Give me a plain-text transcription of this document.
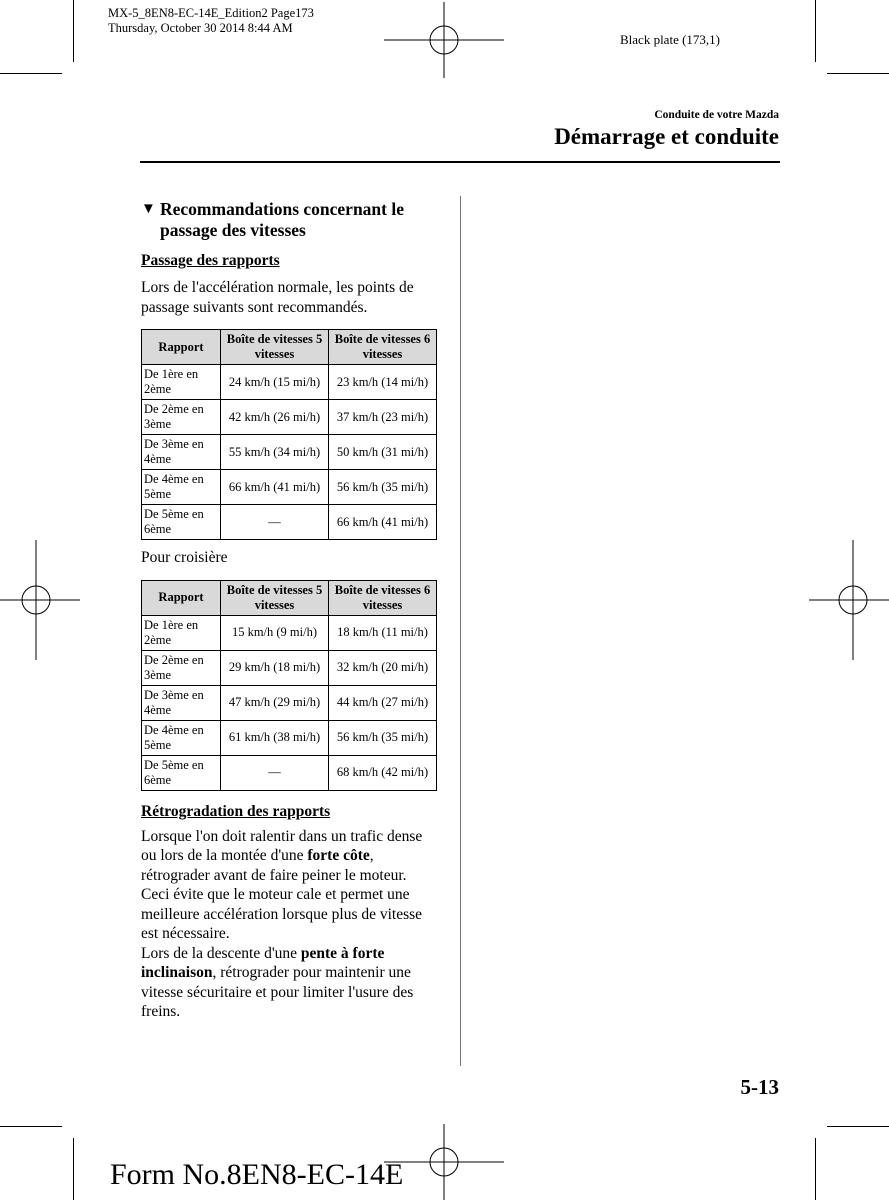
MX-5_8EN8-EC-14E_Edition2 Page173
Thursday, October 30 2014 8:44 AM
Black plate (173,1)
Conduite de votre Mazda
Démarrage et conduite
▼ Recommandations concernant le passage des vitesses
Passage des rapports
Lors de l'accélération normale, les points de passage suivants sont recommandés.
Rapport	Boîte de vitesses 5 vitesses	Boîte de vitesses 6 vitesses
De 1ère en 2ème	24 km/h (15 mi/h)	23 km/h (14 mi/h)
De 2ème en 3ème	42 km/h (26 mi/h)	37 km/h (23 mi/h)
De 3ème en 4ème	55 km/h (34 mi/h)	50 km/h (31 mi/h)
De 4ème en 5ème	66 km/h (41 mi/h)	56 km/h (35 mi/h)
De 5ème en 6ème	—	66 km/h (41 mi/h)
Pour croisière
Rapport	Boîte de vitesses 5 vitesses	Boîte de vitesses 6 vitesses
De 1ère en 2ème	15 km/h (9 mi/h)	18 km/h (11 mi/h)
De 2ème en 3ème	29 km/h (18 mi/h)	32 km/h (20 mi/h)
De 3ème en 4ème	47 km/h (29 mi/h)	44 km/h (27 mi/h)
De 4ème en 5ème	61 km/h (38 mi/h)	56 km/h (35 mi/h)
De 5ème en 6ème	—	68 km/h (42 mi/h)
Rétrogradation des rapports
Lorsque l'on doit ralentir dans un trafic dense ou lors de la montée d'une forte côte, rétrograder avant de faire peiner le moteur. Ceci évite que le moteur cale et permet une meilleure accélération lorsque plus de vitesse est nécessaire.
Lors de la descente d'une pente à forte inclinaison, rétrograder pour maintenir une vitesse sécuritaire et pour limiter l'usure des freins.
5-13
Form No.8EN8-EC-14E
